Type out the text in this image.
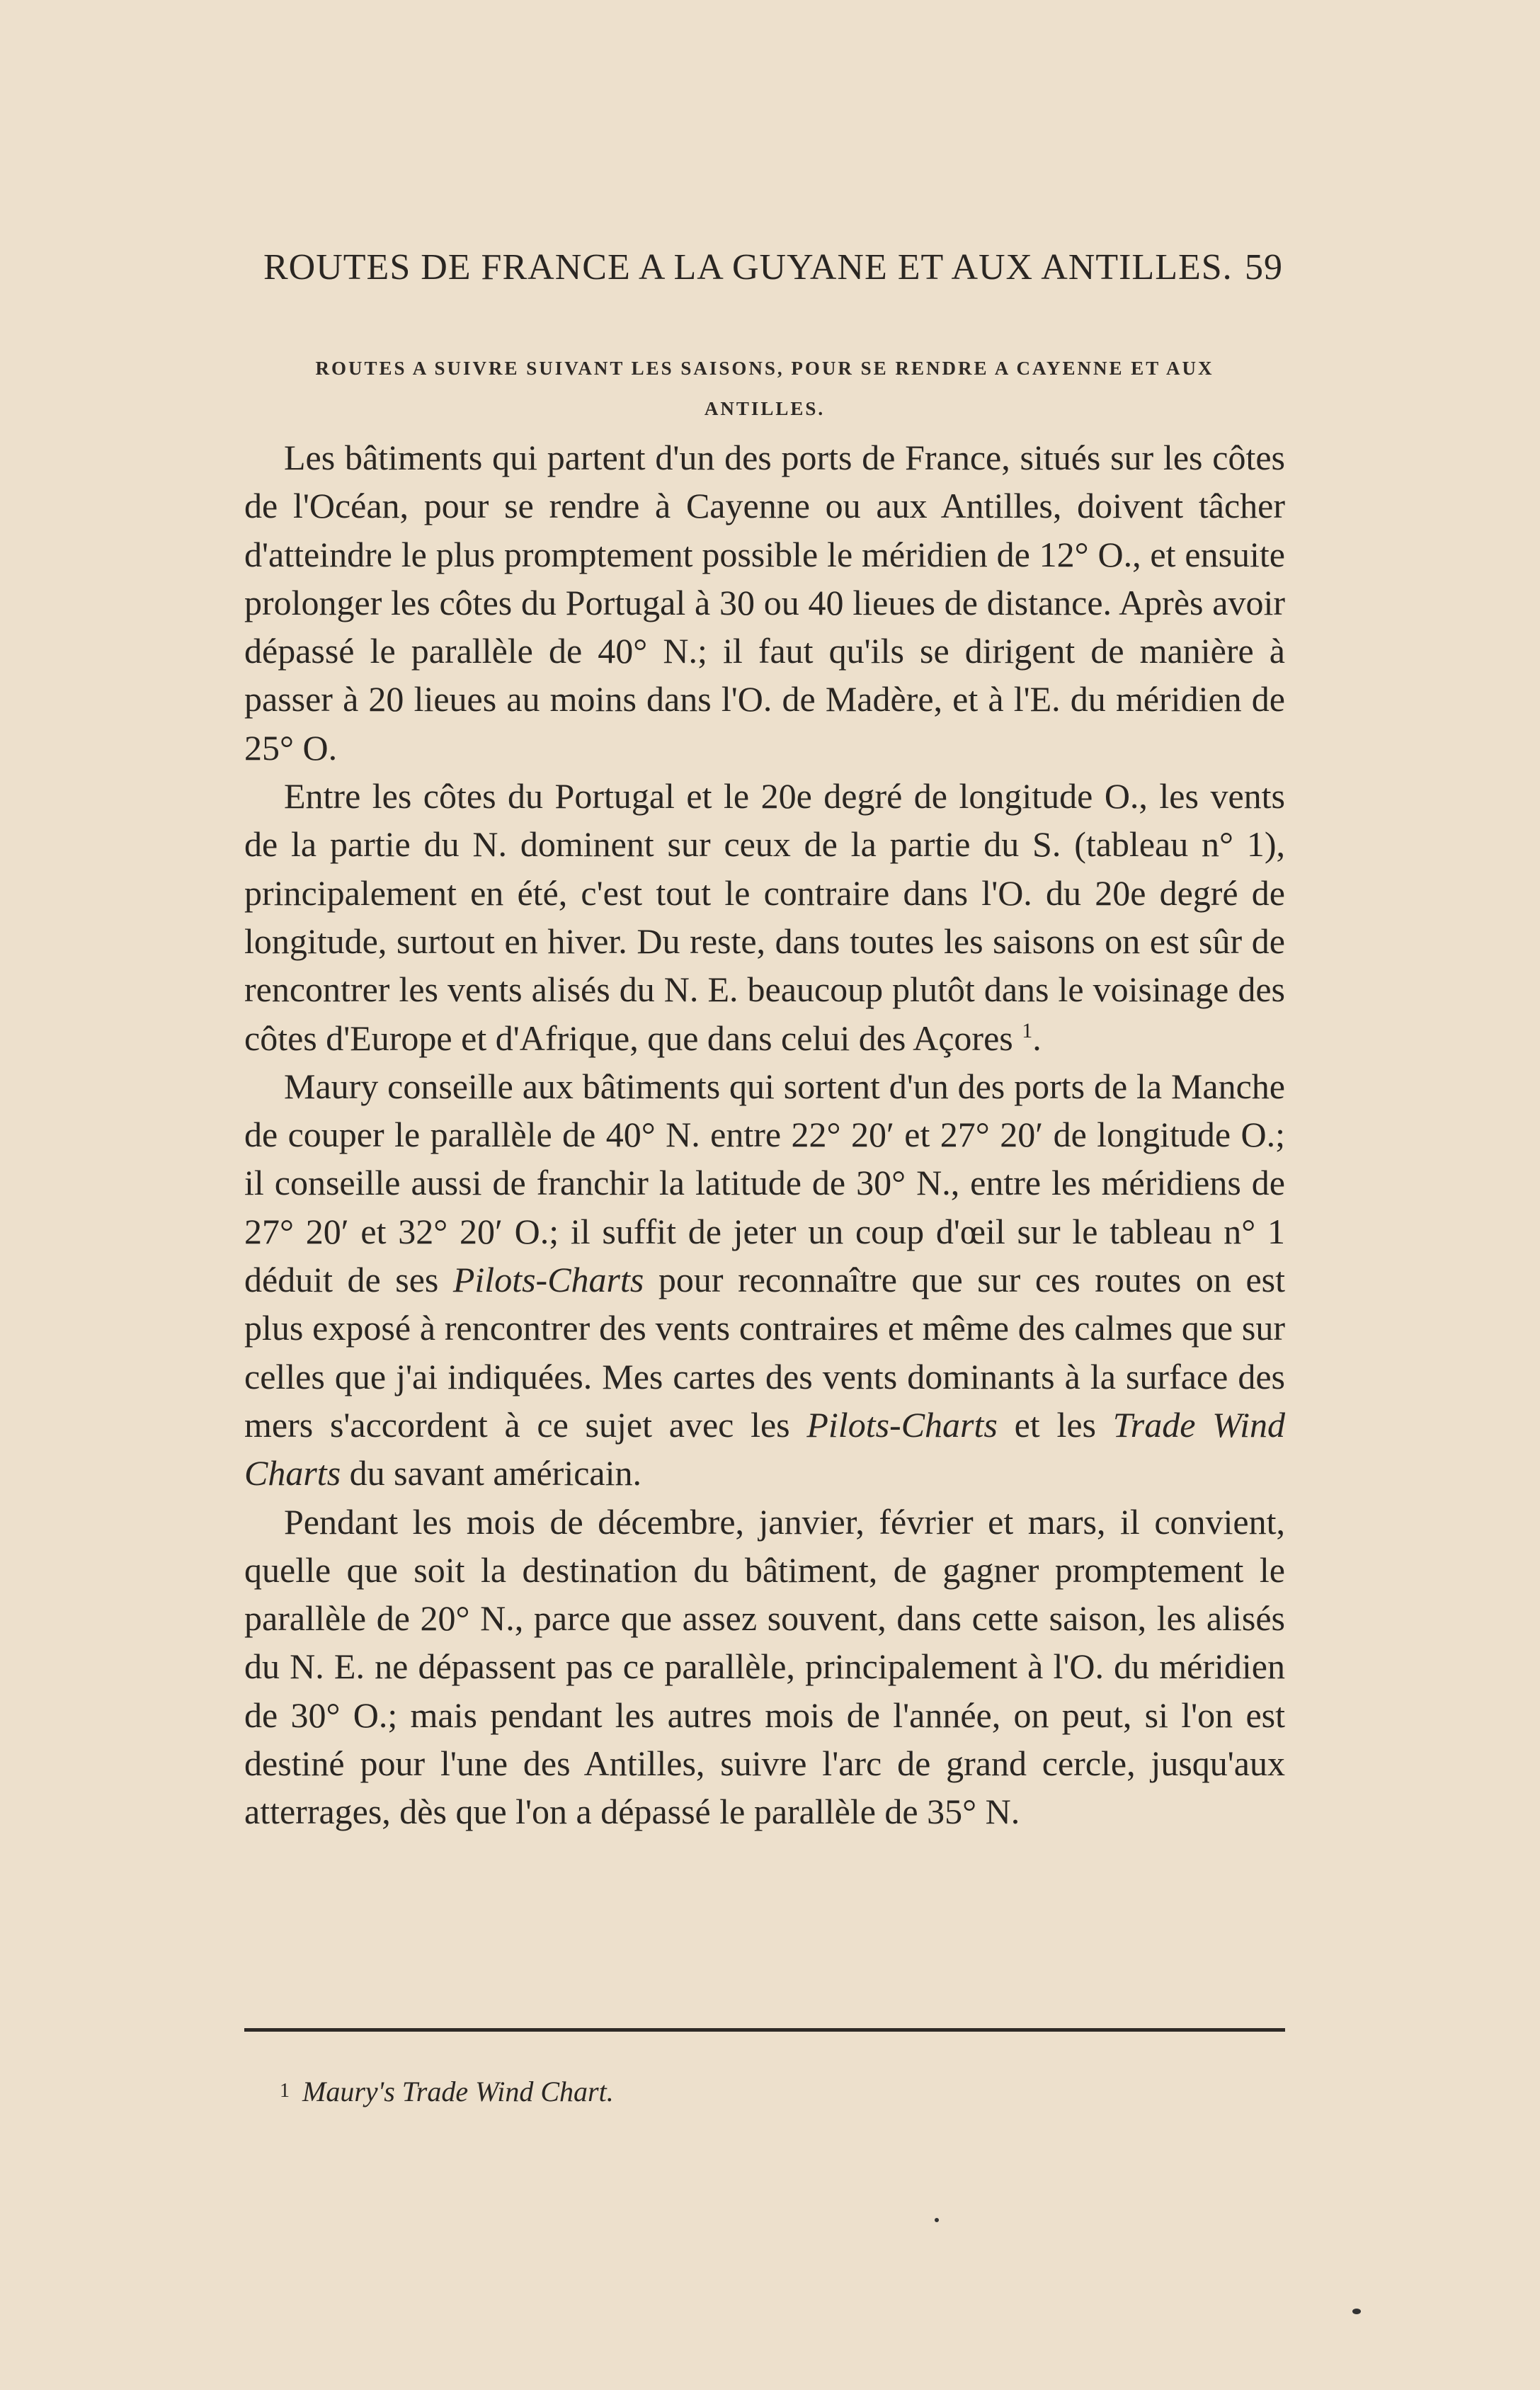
ROUTES DE FRANCE A LA GUYANE ET AUX ANTILLES. 59
ROUTES A SUIVRE SUIVANT LES SAISONS, POUR SE RENDRE A CAYENNE ET AUX
ANTILLES.

Les bâtiments qui partent d'un des ports de France, situés sur les côtes de l'Océan, pour se rendre à Cayenne ou aux Antilles, doivent tâcher d'atteindre le plus promptement possible le méridien de 12° O., et ensuite prolonger les côtes du Portugal à 30 ou 40 lieues de distance. Après avoir dépassé le parallèle de 40° N.; il faut qu'ils se dirigent de manière à passer à 20 lieues au moins dans l'O. de Madère, et à l'E. du méridien de 25° O.

Entre les côtes du Portugal et le 20e degré de longitude O., les vents de la partie du N. dominent sur ceux de la partie du S. (tableau n° 1), principalement en été, c'est tout le contraire dans l'O. du 20e degré de longitude, surtout en hiver. Du reste, dans toutes les saisons on est sûr de rencontrer les vents alisés du N. E. beaucoup plutôt dans le voisinage des côtes d'Europe et d'Afrique, que dans celui des Açores $^1$.

Maury conseille aux bâtiments qui sortent d'un des ports de la Manche de couper le parallèle de 40° N. entre 22° 20′ et 27° 20′ de longitude O.; il conseille aussi de franchir la latitude de 30° N., entre les méridiens de 27° 20′ et 32° 20′ O.; il suffit de jeter un coup d'œil sur le tableau n° 1 déduit de ses Pilots-Charts pour reconnaître que sur ces routes on est plus exposé à rencontrer des vents contraires et même des calmes que sur celles que j'ai indiquées. Mes cartes des vents dominants à la surface des mers s'accordent à ce sujet avec les Pilots-Charts et les Trade Wind Charts du savant américain.

Pendant les mois de décembre, janvier, février et mars, il convient, quelle que soit la destination du bâtiment, de gagner promptement le parallèle de 20° N., parce que assez souvent, dans cette saison, les alisés du N. E. ne dépassent pas ce parallèle, principalement à l'O. du méridien de 30° O.; mais pendant les autres mois de l'année, on peut, si l'on est destiné pour l'une des Antilles, suivre l'arc de grand cercle, jusqu'aux atterrages, dès que l'on a dépassé le parallèle de 35° N.

1 Maury's Trade Wind Chart.
